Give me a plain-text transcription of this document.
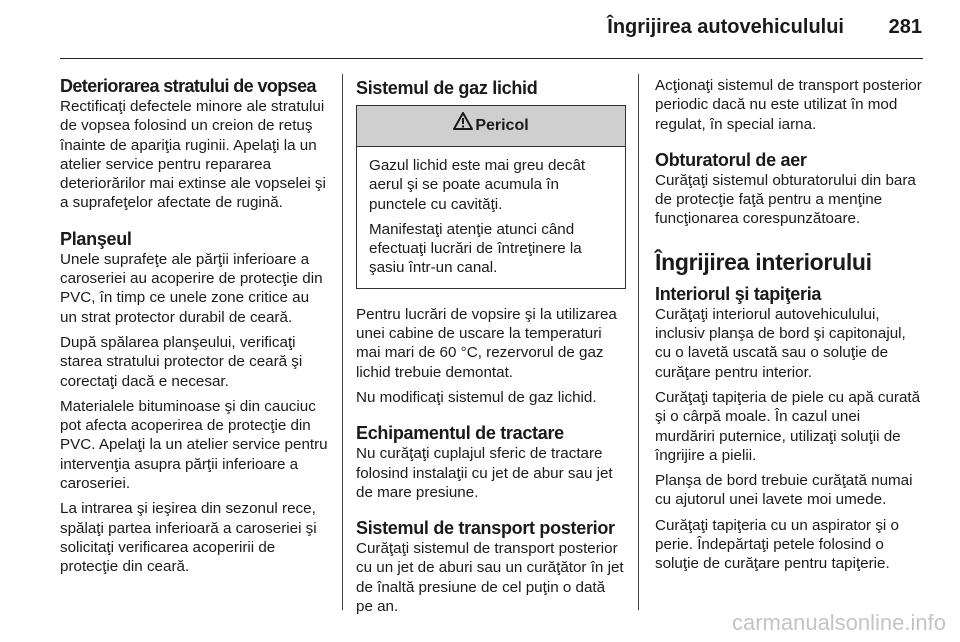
Îngrijirea autovehiculului	281
Deteriorarea stratului de vopsea

Rectificaţi defectele minore ale stratului de vopsea folosind un creion de retuş înainte de apariţia ruginii. Apelaţi la un atelier service pentru repararea deteriorărilor mai extinse ale vopselei şi a suprafeţelor afectate de rugină.

Planşeul

Unele suprafeţe ale părţii inferioare a caroseriei au acoperire de protecţie din PVC, în timp ce unele zone critice au un strat protector durabil de ceară.

După spălarea planşeului, verificaţi starea stratului protector de ceară şi corectaţi dacă e necesar.

Materialele bituminoase şi din cauciuc pot afecta acoperirea de protecţie din PVC. Apelaţi la un atelier service pentru intervenţia asupra părţii inferioare a caroseriei.

La intrarea şi ieşirea din sezonul rece, spălaţi partea inferioară a caroseriei şi solicitaţi verificarea acoperirii de protecţie din ceară.

Sistemul de gaz lichid
Pericol

Gazul lichid este mai greu decât aerul şi se poate acumula în punctele cu cavităţi.

Manifestaţi atenţie atunci când efectuaţi lucrări de întreţinere la şasiu într-un canal.

Pentru lucrări de vopsire şi la utilizarea unei cabine de uscare la temperaturi mai mari de 60 °C, rezervorul de gaz lichid trebuie demontat.

Nu modificaţi sistemul de gaz lichid.

Echipamentul de tractare

Nu curăţaţi cuplajul sferic de tractare folosind instalaţii cu jet de abur sau jet de mare presiune.

Sistemul de transport posterior

Curăţaţi sistemul de transport posterior cu un jet de aburi sau un curăţător în jet de înaltă presiune de cel puţin o dată pe an.

Acţionaţi sistemul de transport posterior periodic dacă nu este utilizat în mod regulat, în special iarna.

Obturatorul de aer

Curăţaţi sistemul obturatorului din bara de protecţie faţă pentru a menţine funcţionarea corespunzătoare.

Îngrijirea interiorului
Interiorul şi tapiţeria

Curăţaţi interiorul autovehiculului, inclusiv planşa de bord şi capitonajul, cu o lavetă uscată sau o soluţie de curăţare pentru interior.

Curăţaţi tapiţeria de piele cu apă curată şi o cârpă moale. În cazul unei murdăriri puternice, utilizaţi soluţii de îngrijire a pielii.

Planşa de bord trebuie curăţată numai cu ajutorul unei lavete moi umede.

Curăţaţi tapiţeria cu un aspirator şi o perie. Îndepărtaţi petele folosind o soluţie de curăţare pentru tapiţerie.

carmanualsonline.info
